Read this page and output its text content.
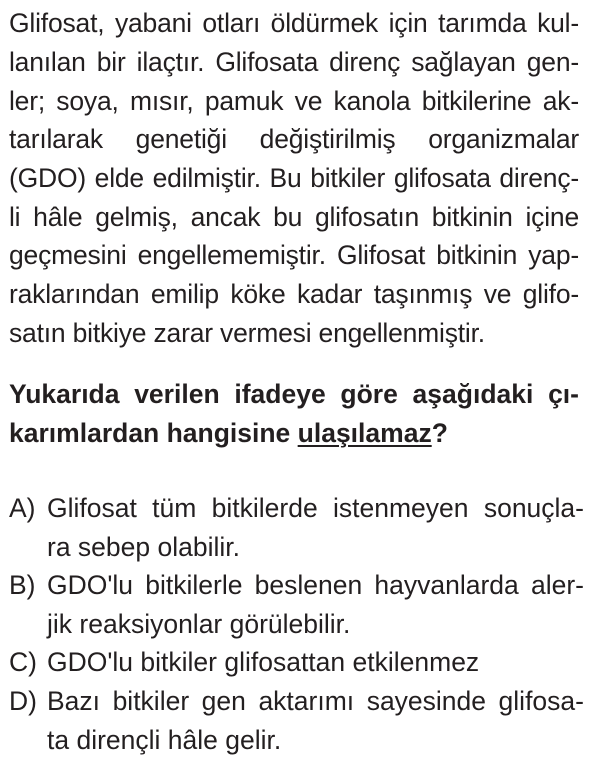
Glifosat, yabani otları öldürmek için tarımda kul-
lanılan bir ilaçtır. Glifosata direnç sağlayan gen-
ler; soya, mısır, pamuk ve kanola bitkilerine ak-
tarılarak genetiği değiştirilmiş organizmalar
(GDO) elde edilmiştir. Bu bitkiler glifosata direnç-
li hâle gelmiş, ancak bu glifosatın bitkinin içine
geçmesini engellememiştir. Glifosat bitkinin yap-
raklarından emilip köke kadar taşınmış ve glifo-
satın bitkiye zarar vermesi engellenmiştir.
Yukarıda verilen ifadeye göre aşağıdaki çı-
karımlardan hangisine ulaşılamaz?
A) Glifosat tüm bitkilerde istenmeyen sonuçla-
ra sebep olabilir.
B) GDO'lu bitkilerle beslenen hayvanlarda aler-
jik reaksiyonlar görülebilir.
C) GDO'lu bitkiler glifosattan etkilenmez
D) Bazı bitkiler gen aktarımı sayesinde glifosa-
ta dirençli hâle gelir.
